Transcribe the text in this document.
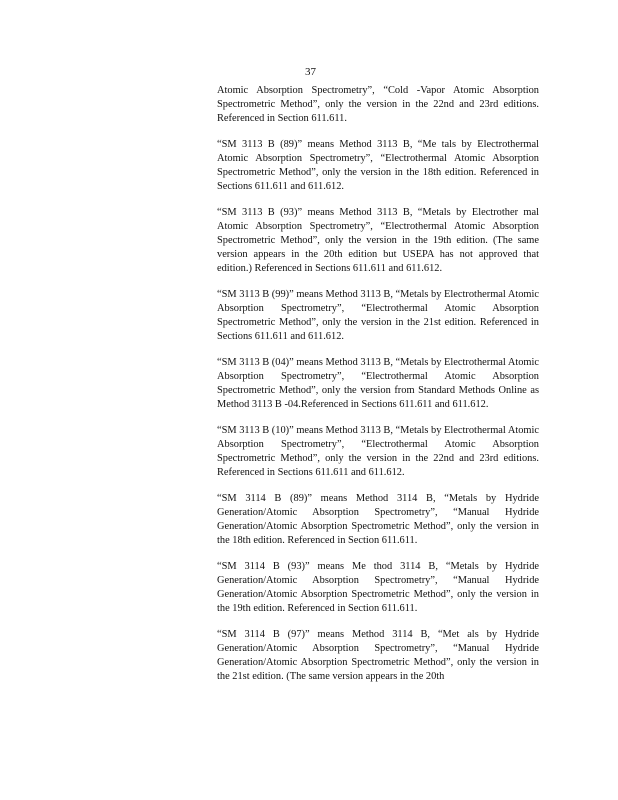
37

Atomic Absorption Spectrometry”, “Cold -Vapor Atomic Absorption Spectrometric Method”, only the version in the 22nd and 23rd editions. Referenced in Section 611.611.

“SM 3113 B (89)” means Method 3113 B, “Me tals by Electrothermal Atomic Absorption Spectrometry”, “Electrothermal Atomic Absorption Spectrometric Method”, only the version in the 18th edition. Referenced in Sections 611.611 and 611.612.

“SM 3113 B (93)” means Method 3113 B, “Metals by Electrother mal Atomic Absorption Spectrometry”, “Electrothermal Atomic Absorption Spectrometric Method”, only the version in the 19th edition. (The same version appears in the 20th edition but USEPA has not approved that edition.) Referenced in Sections 611.611 and 611.612.

“SM 3113 B (99)” means Method 3113 B, “Metals by Electrothermal Atomic Absorption Spectrometry”, “Electrothermal Atomic Absorption Spectrometric Method”, only the version in the 21st edition. Referenced in Sections 611.611 and 611.612.

“SM 3113 B (04)” means Method 3113 B, “Metals by Electrothermal Atomic Absorption Spectrometry”, “Electrothermal Atomic Absorption Spectrometric Method”, only the version from Standard Methods Online as Method 3113 B -04.Referenced in Sections 611.611 and 611.612.

“SM 3113 B (10)” means Method 3113 B, “Metals by Electrothermal Atomic Absorption Spectrometry”, “Electrothermal Atomic Absorption Spectrometric Method”, only the version in the 22nd and 23rd editions. Referenced in Sections 611.611 and 611.612.

“SM 3114 B (89)” means Method 3114 B, “Metals by Hydride Generation/Atomic Absorption Spectrometry”, “Manual Hydride Generation/Atomic Absorption Spectrometric Method”, only the version in the 18th edition. Referenced in Section 611.611.

“SM 3114 B (93)” means Me thod 3114 B, “Metals by Hydride Generation/Atomic Absorption Spectrometry”, “Manual Hydride Generation/Atomic Absorption Spectrometric Method”, only the version in the 19th edition. Referenced in Section 611.611.

“SM 3114 B (97)” means Method 3114 B, “Met als by Hydride Generation/Atomic Absorption Spectrometry”, “Manual Hydride Generation/Atomic Absorption Spectrometric Method”, only the version in the 21st edition. (The same version appears in the 20th
